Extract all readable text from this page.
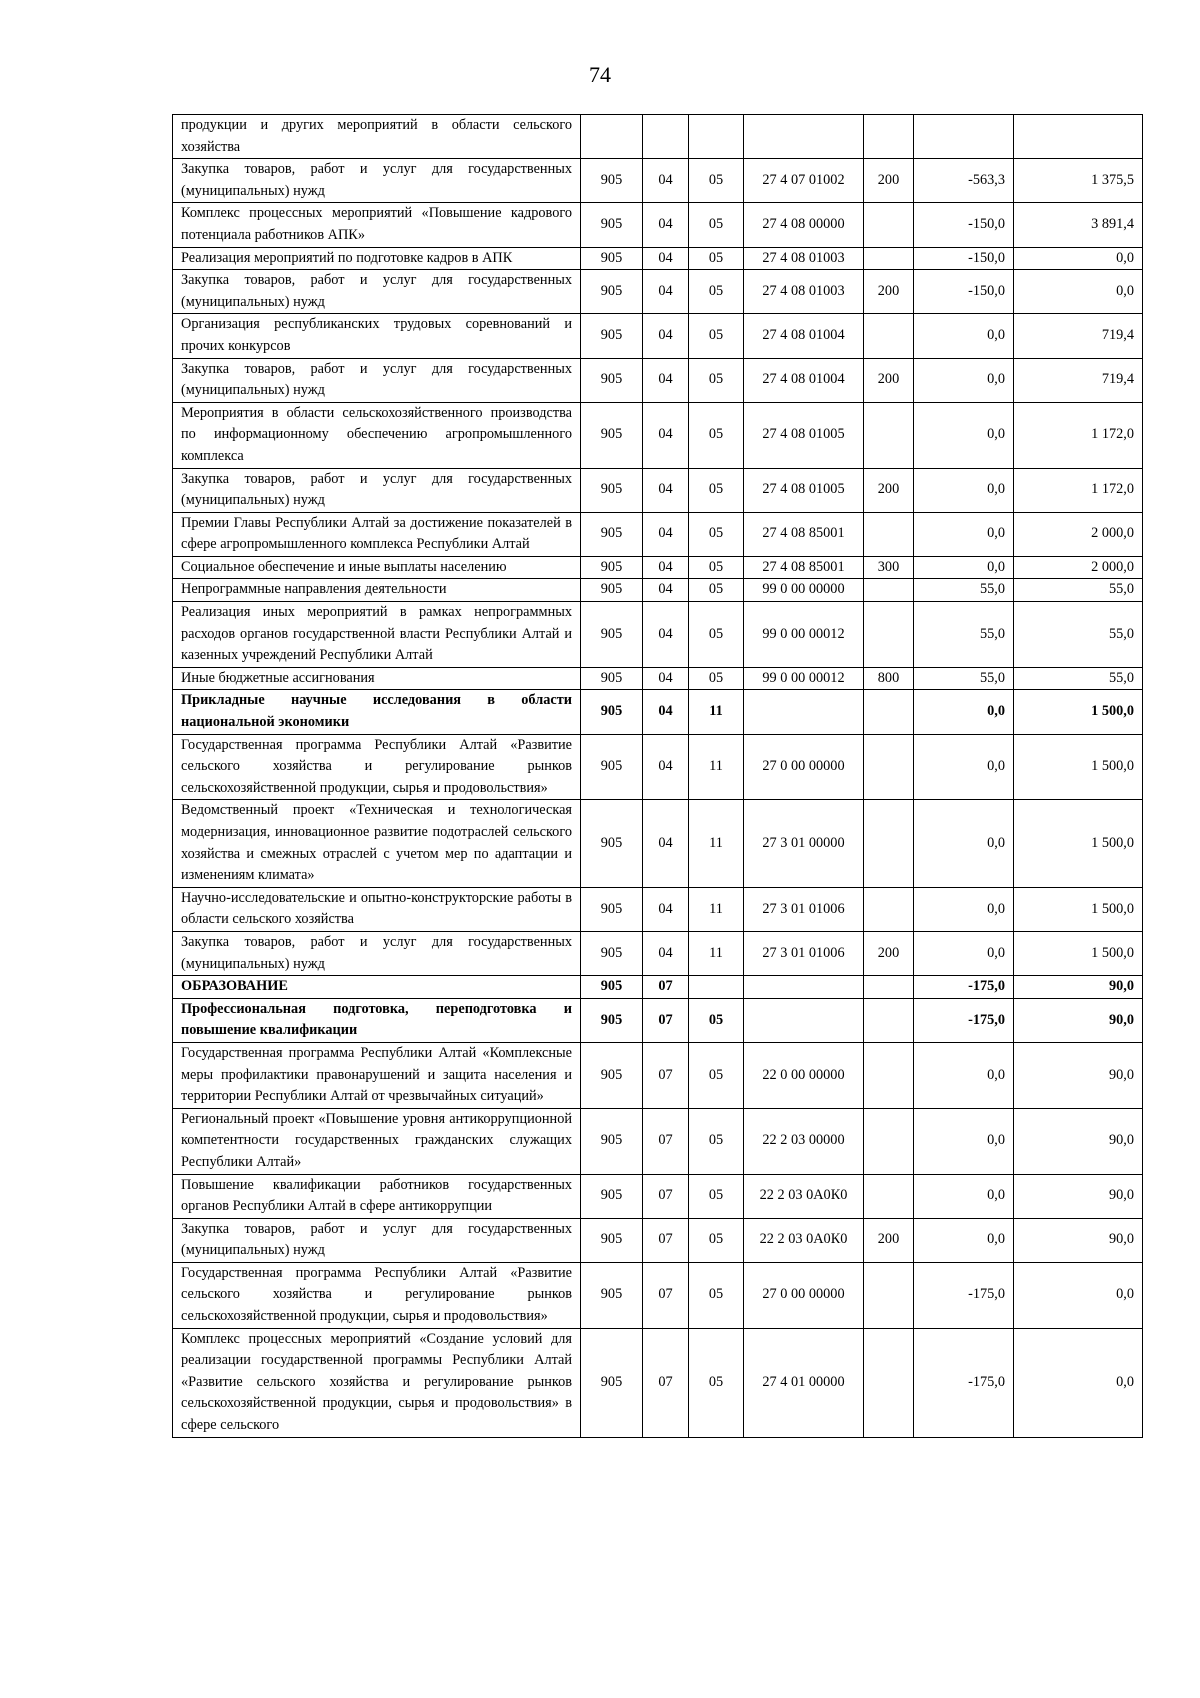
74
продукции и других мероприятий в области сельского хозяйства							
Закупка товаров, работ и услуг для государственных (муниципальных) нужд	905	04	05	27 4 07 01002	200	-563,3	1 375,5
Комплекс процессных мероприятий «Повышение кадрового потенциала работников АПК»	905	04	05	27 4 08 00000		-150,0	3 891,4
Реализация мероприятий по подготовке кадров в АПК	905	04	05	27 4 08 01003		-150,0	0,0
Закупка товаров, работ и услуг для государственных (муниципальных) нужд	905	04	05	27 4 08 01003	200	-150,0	0,0
Организация республиканских трудовых соревнований и прочих конкурсов	905	04	05	27 4 08 01004		0,0	719,4
Закупка товаров, работ и услуг для государственных (муниципальных) нужд	905	04	05	27 4 08 01004	200	0,0	719,4
Мероприятия в области сельскохозяйственного производства по информационному обеспечению агропромышленного комплекса	905	04	05	27 4 08 01005		0,0	1 172,0
Закупка товаров, работ и услуг для государственных (муниципальных) нужд	905	04	05	27 4 08 01005	200	0,0	1 172,0
Премии Главы Республики Алтай за достижение показателей в сфере агропромышленного комплекса Республики Алтай	905	04	05	27 4 08 85001		0,0	2 000,0
Социальное обеспечение и иные выплаты населению	905	04	05	27 4 08 85001	300	0,0	2 000,0
Непрограммные направления деятельности	905	04	05	99 0 00 00000		55,0	55,0
Реализация иных мероприятий в рамках непрограммных расходов органов государственной власти Республики Алтай и казенных учреждений Республики Алтай	905	04	05	99 0 00 00012		55,0	55,0
Иные бюджетные ассигнования	905	04	05	99 0 00 00012	800	55,0	55,0
Прикладные научные исследования в области национальной экономики	905	04	11			0,0	1 500,0
Государственная программа Республики Алтай «Развитие сельского хозяйства и регулирование рынков сельскохозяйственной продукции, сырья и продовольствия»	905	04	11	27 0 00 00000		0,0	1 500,0
Ведомственный проект «Техническая и технологическая модернизация, инновационное развитие подотраслей сельского хозяйства и смежных отраслей с учетом мер по адаптации и изменениям климата»	905	04	11	27 3 01 00000		0,0	1 500,0
Научно-исследовательские и опытно-конструкторские работы в области сельского хозяйства	905	04	11	27 3 01 01006		0,0	1 500,0
Закупка товаров, работ и услуг для государственных (муниципальных) нужд	905	04	11	27 3 01 01006	200	0,0	1 500,0
ОБРАЗОВАНИЕ	905	07				-175,0	90,0
Профессиональная подготовка, переподготовка и повышение квалификации	905	07	05			-175,0	90,0
Государственная программа Республики Алтай «Комплексные меры профилактики правонарушений и защита населения и территории Республики Алтай от чрезвычайных ситуаций»	905	07	05	22 0 00 00000		0,0	90,0
Региональный проект «Повышение уровня антикоррупционной компетентности государственных гражданских служащих Республики Алтай»	905	07	05	22 2 03 00000		0,0	90,0
Повышение квалификации работников государственных органов Республики Алтай в сфере антикоррупции	905	07	05	22 2 03 0А0К0		0,0	90,0
Закупка товаров, работ и услуг для государственных (муниципальных) нужд	905	07	05	22 2 03 0А0К0	200	0,0	90,0
Государственная программа Республики Алтай «Развитие сельского хозяйства и регулирование рынков сельскохозяйственной продукции, сырья и продовольствия»	905	07	05	27 0 00 00000		-175,0	0,0
Комплекс процессных мероприятий «Создание условий для реализации государственной программы Республики Алтай «Развитие сельского хозяйства и регулирование рынков сельскохозяйственной продукции, сырья и продовольствия» в сфере сельского	905	07	05	27 4 01 00000		-175,0	0,0
